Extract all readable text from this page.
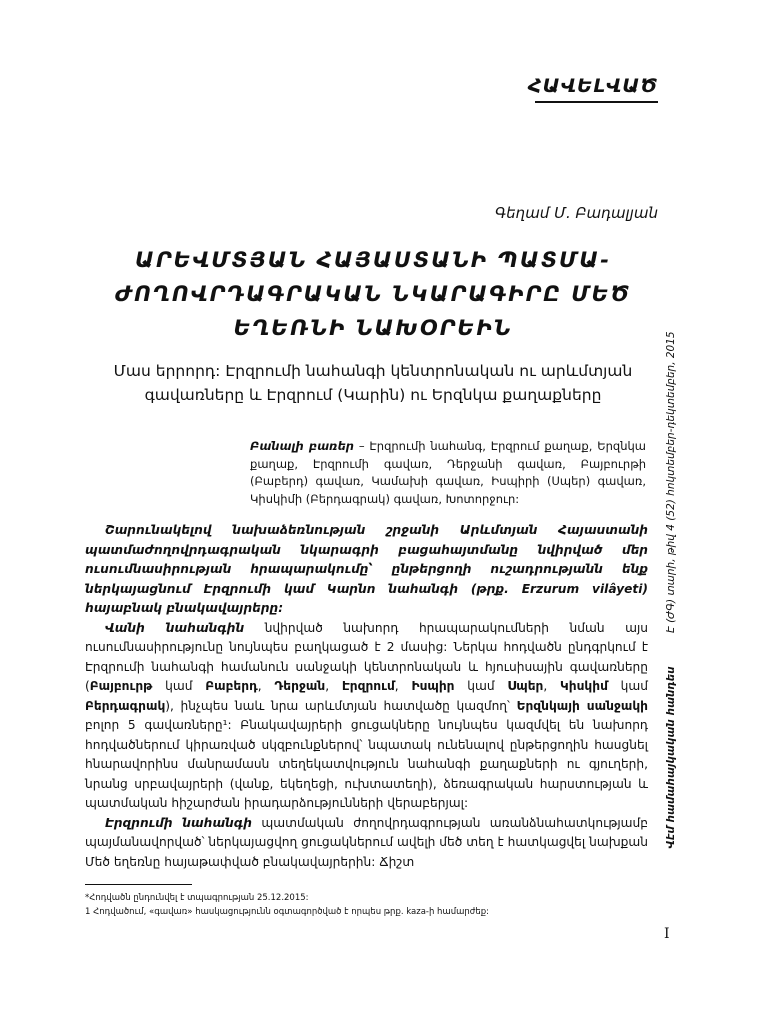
ՀԱՎԵԼՎԱԾ
Գեղամ Մ. Բադալյան
ԱՐԵՎՄՏՅԱՆ ՀԱՅԱՍՏԱՆԻ ՊԱՏՄԱ-
ԺՈՂՈՎՐԴԱԳՐԱԿԱՆ ՆԿԱՐԱԳԻՐԸ ՄԵԾ
ԵՂԵՌՆԻ ՆԱԽՕՐԵԻՆ
Մաս երրորդ: Էրզրումի նահանգի կենտրոնական ու արևմտյան գավառները և Էրզրում (Կարին) ու Երզնկա քաղաքները
Բանալի բառեր – Էրզրումի նահանգ, Էրզրում քաղաք, Երզնկա քաղաք, Էրզրումի գավառ, Դերջանի գավառ, Բայբուրթի (Բաբերդ) գավառ, Կամախի գավառ, Իսպիրի (Սպեր) գավառ, Կիսկիմի (Բերդագրակ) գավառ, Խոտորջուր:

Շարունակելով նախաձեռնության շրջանի Արևմտյան Հայաստանի պատմաժողովրդագրական նկարագրի բացահայտմանը նվիրված մեր ուսումնասիրության հրապարակումը՝ ընթերցողի ուշադրությանն ենք ներկայացնում Էրզրումի կամ Կարնո նահանգի (թրք. Erzurum vilâyeti) հայաբնակ բնակավայրերը:

Վանի նահանգին նվիրված նախորդ հրապարակումների նման այս ուսումնասիրությունը նույնպես բաղկացած է 2 մասից: Ներկա հոդվածն ընդգրկում է Էրզրումի նահանգի համանուն սանջակի կենտրոնական և հյուսիսային գավառները (Բայբուրթ կամ Բաբերդ, Դերջան, Էրզրում, Իսպիր կամ Սպեր, Կիսկիմ կամ Բերդագրակ), ինչպես նաև նրա արևմտյան հատվածը կազմող՝ Երզնկայի սանջակի բոլոր 5 գավառները¹: Բնակավայրերի ցուցակները նույնպես կազմվել են նախորդ հոդվածներում կիրառված սկզբունքներով՝ նպատակ ունենալով ընթերցողին հասցնել հնարավորինս մանրամասն տեղեկատվություն նահանգի քաղաքների ու գյուղերի, նրանց սրբավայրերի (վանք, եկեղեցի, ուխտատեղի), ձեռագրական հարստության և պատմական հիշարժան իրադարձությունների վերաբերյալ:

Էրզրումի նահանգի պատմական ժողովրդագրության առանձնահատկությամբ պայմանավորված՝ ներկայացվող ցուցակներում ավելի մեծ տեղ է հատկացվել նախքան Մեծ եղեռնը հայաթափված բնակավայրերին: Ճիշտ

*Հոդվածն ընդունվել է տպագրության 25.12.2015:
1 Հոդվածում, «գավառ» հասկացությունն օգտագործված է որպես թրք. kaza-ի համարժեք:
Վէմ համահայկական հանդես          Է (ԺԳ) տարի, թիվ 4 (52) հոկտեմբեր-դեկտեմբեր, 2015
I
